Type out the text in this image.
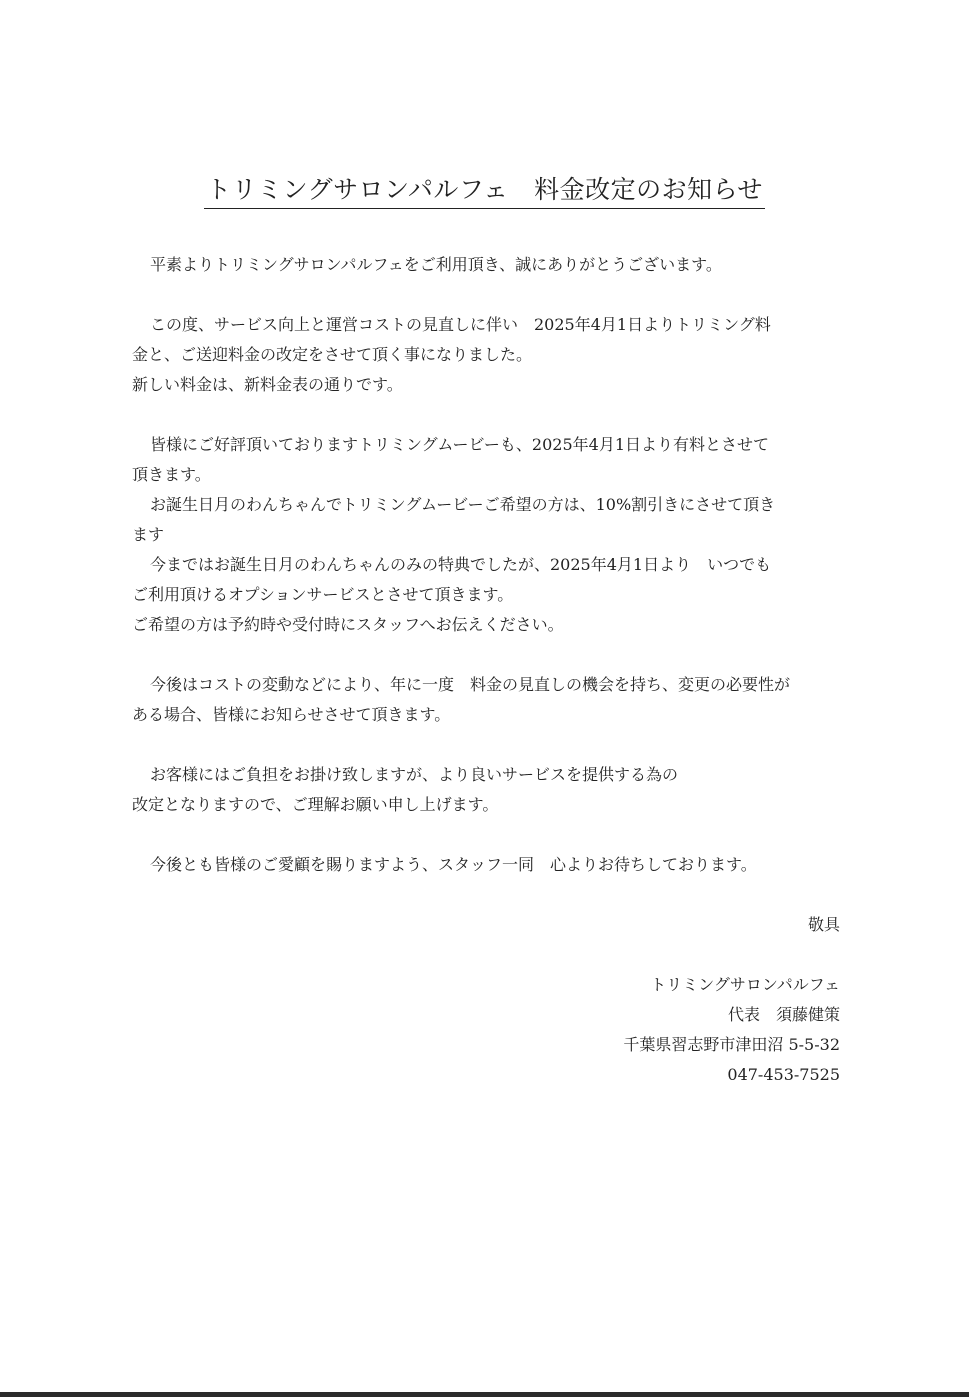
トリミングサロンパルフェ　料金改定のお知らせ
平素よりトリミングサロンパルフェをご利用頂き、誠にありがとうございます。
この度、サービス向上と運営コストの見直しに伴い　2025年4月1日よりトリミング料
金と、ご送迎料金の改定をさせて頂く事になりました。
新しい料金は、新料金表の通りです。
皆様にご好評頂いておりますトリミングムービーも、2025年4月1日より有料とさせて
頂きます。
お誕生日月のわんちゃんでトリミングムービーご希望の方は、10%割引きにさせて頂き
ます
今まではお誕生日月のわんちゃんのみの特典でしたが、2025年4月1日より　いつでも
ご利用頂けるオプションサービスとさせて頂きます。
ご希望の方は予約時や受付時にスタッフへお伝えください。
今後はコストの変動などにより、年に一度　料金の見直しの機会を持ち、変更の必要性が
ある場合、皆様にお知らせさせて頂きます。
お客様にはご負担をお掛け致しますが、より良いサービスを提供する為の
改定となりますので、ご理解お願い申し上げます。
今後とも皆様のご愛顧を賜りますよう、スタッフ一同　心よりお待ちしております。
敬具
トリミングサロンパルフェ
代表　須藤健策
千葉県習志野市津田沼 5-5-32
047-453-7525
